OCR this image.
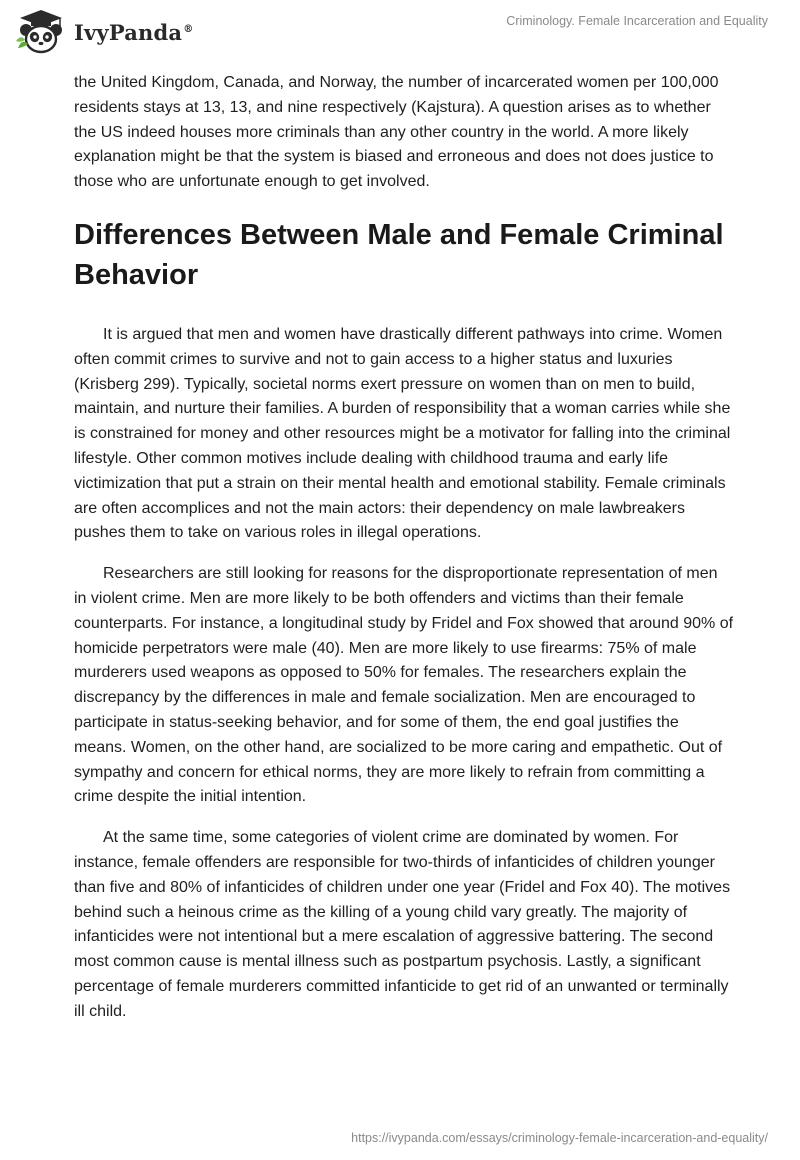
IvyPanda®
Criminology. Female Incarceration and Equality

the United Kingdom, Canada, and Norway, the number of incarcerated women per 100,000 residents stays at 13, 13, and nine respectively (Kajstura). A question arises as to whether the US indeed houses more criminals than any other country in the world. A more likely explanation might be that the system is biased and erroneous and does not does justice to those who are unfortunate enough to get involved.

Differences Between Male and Female Criminal Behavior

It is argued that men and women have drastically different pathways into crime. Women often commit crimes to survive and not to gain access to a higher status and luxuries (Krisberg 299). Typically, societal norms exert pressure on women than on men to build, maintain, and nurture their families. A burden of responsibility that a woman carries while she is constrained for money and other resources might be a motivator for falling into the criminal lifestyle. Other common motives include dealing with childhood trauma and early life victimization that put a strain on their mental health and emotional stability. Female criminals are often accomplices and not the main actors: their dependency on male lawbreakers pushes them to take on various roles in illegal operations.

Researchers are still looking for reasons for the disproportionate representation of men in violent crime. Men are more likely to be both offenders and victims than their female counterparts. For instance, a longitudinal study by Fridel and Fox showed that around 90% of homicide perpetrators were male (40). Men are more likely to use firearms: 75% of male murderers used weapons as opposed to 50% for females. The researchers explain the discrepancy by the differences in male and female socialization. Men are encouraged to participate in status-seeking behavior, and for some of them, the end goal justifies the means. Women, on the other hand, are socialized to be more caring and empathetic. Out of sympathy and concern for ethical norms, they are more likely to refrain from committing a crime despite the initial intention.

At the same time, some categories of violent crime are dominated by women. For instance, female offenders are responsible for two-thirds of infanticides of children younger than five and 80% of infanticides of children under one year (Fridel and Fox 40). The motives behind such a heinous crime as the killing of a young child vary greatly. The majority of infanticides were not intentional but a mere escalation of aggressive battering. The second most common cause is mental illness such as postpartum psychosis. Lastly, a significant percentage of female murderers committed infanticide to get rid of an unwanted or terminally ill child.

https://ivypanda.com/essays/criminology-female-incarceration-and-equality/
